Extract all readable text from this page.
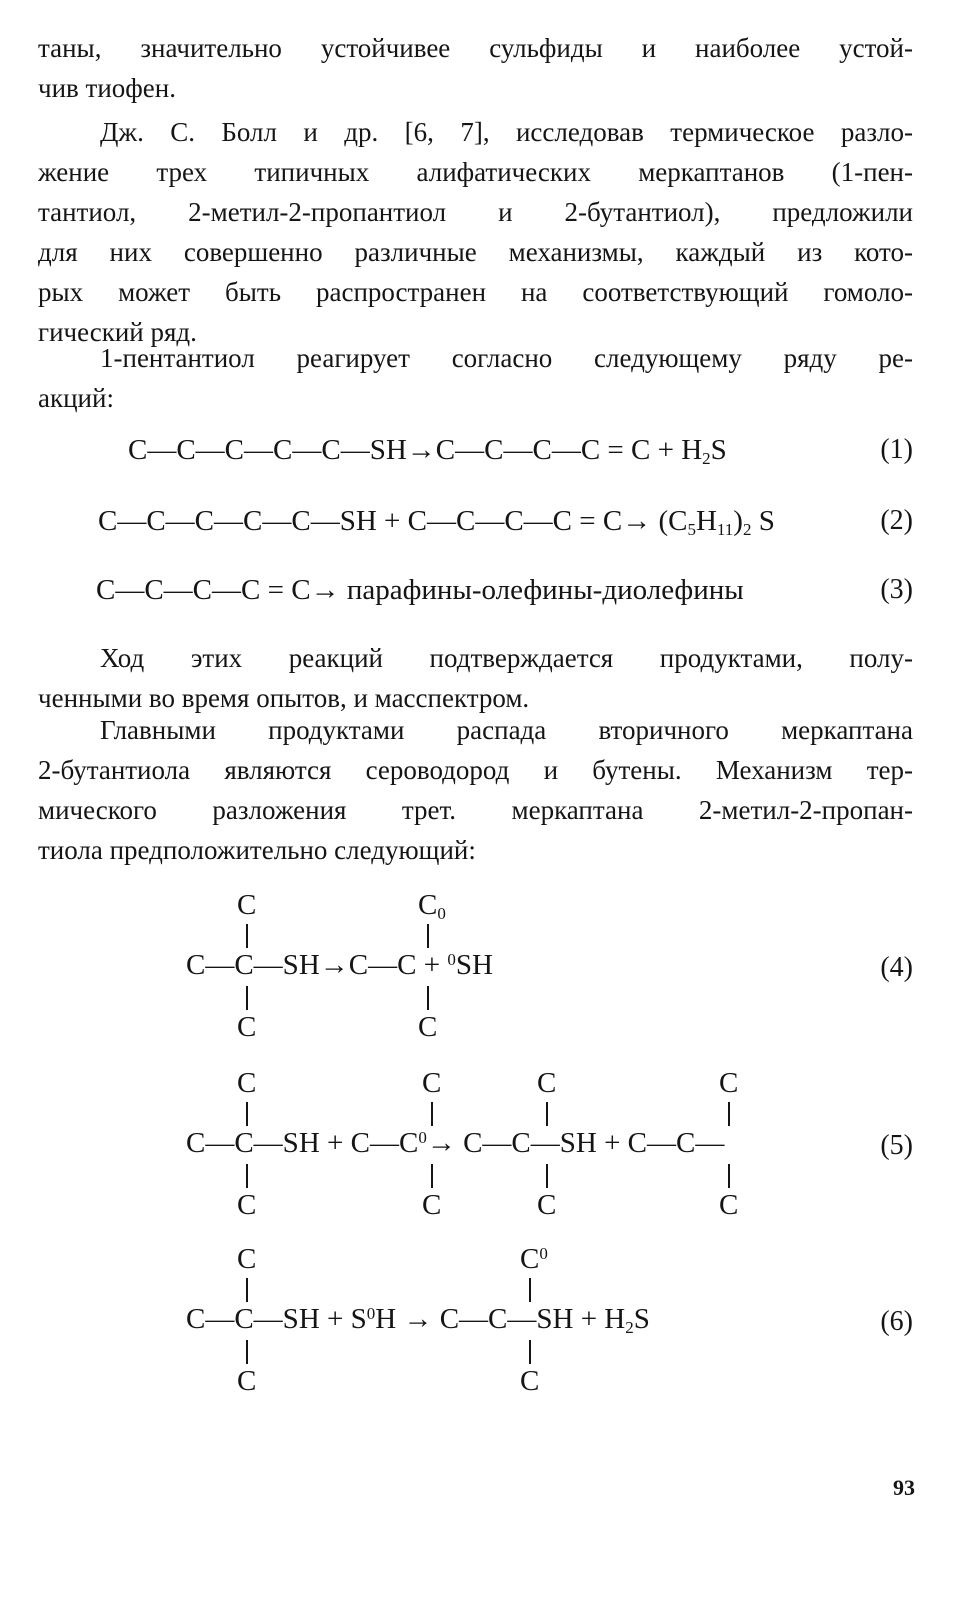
таны, значительно устойчивее сульфиды и наиболее устой-
чив тиофен.
Дж. С. Болл и др. [6, 7], исследовав термическое разло-
жение трех типичных алифатических меркаптанов (1-пен-
тантиол, 2-метил-2-пропантиол и 2-бутантиол), предложили
для них совершенно различные механизмы, каждый из кото-
рых может быть распространен на соответствующий гомоло-
гический ряд.
1-пентантиол реагирует согласно следующему ряду ре-
акций:
C—C—C—C—C—SH→C—C—C—C = $C + H_2S$	(1)
C—C—C—C—C—SH + C—C—C—C = $C\to (C_5H_{11})_2$ S	(2)
C—C—C—C = C→ парафины-олефины-диолефины	(3)
Ход этих реакций подтверждается продуктами, полу-
ченными во время опытов, и масспектром.
Главными продуктами распада вторичного меркаптана
2-бутантиола являются сероводород и бутены. Механизм тер-
мического разложения трет. меркаптана 2-метил-2-пропан-
тиола предположительно следующий:
C	$C_0$
C—C—SH→C—C + $^0$SH
C	C
(4)
C	C	C	C
C—C—SH + $C—C^0\to$ C—C—SH + C—C—
C	C	C	C
(5)
C	$C^0$
C—C—SH + $S^0H$ → C—C—SH + $H_2S$
C	C
(6)
93
